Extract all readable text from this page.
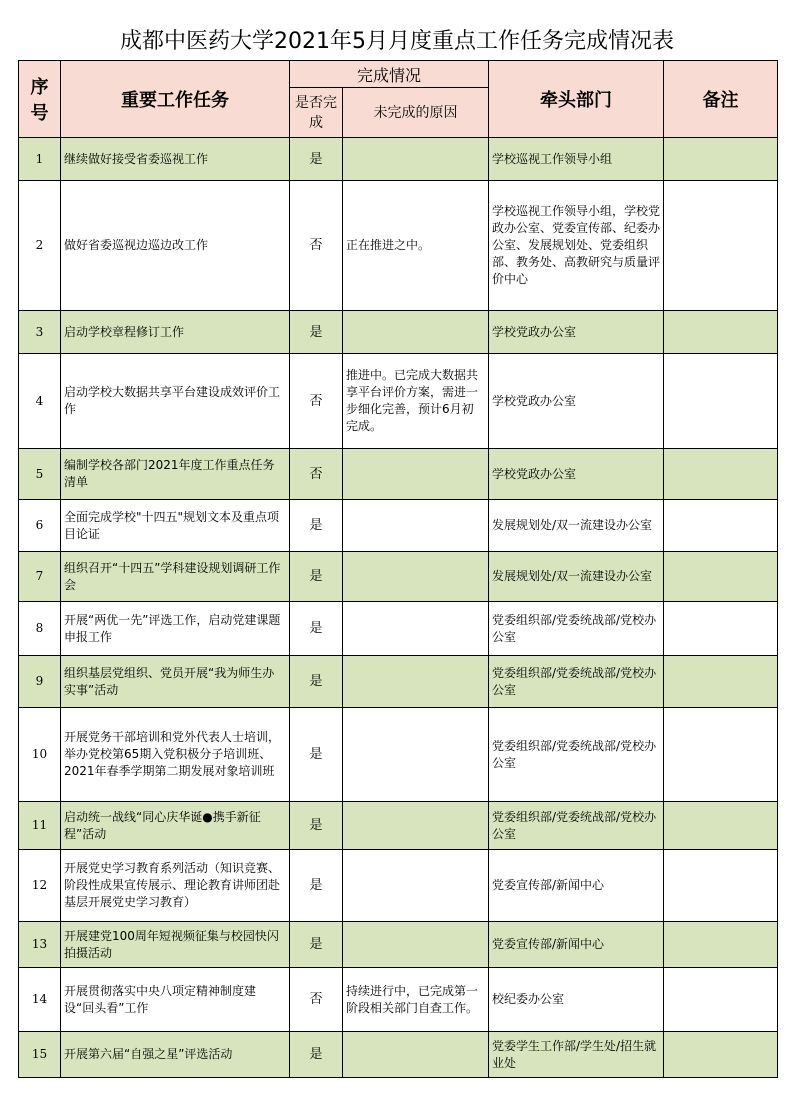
成都中医药大学2021年5月月度重点工作任务完成情况表
序号	重要工作任务	完成情况		牵头部门	备注
		是否完成	未完成的原因		
1	继续做好接受省委巡视工作	是		学校巡视工作领导小组	
2	做好省委巡视边巡边改工作	否	正在推进之中。	学校巡视工作领导小组，学校党政办公室、党委宣传部、纪委办公室、发展规划处、党委组织部、教务处、高教研究与质量评价中心	
3	启动学校章程修订工作	是		学校党政办公室	
4	启动学校大数据共享平台建设成效评价工作	否	推进中。已完成大数据共享平台评价方案，需进一步细化完善，预计6月初完成。	学校党政办公室	
5	编制学校各部门2021年度工作重点任务清单	否		学校党政办公室	
6	全面完成学校"十四五"规划文本及重点项目论证	是		发展规划处/双一流建设办公室	
7	组织召开“十四五”学科建设规划调研工作会	是		发展规划处/双一流建设办公室	
8	开展“两优一先”评选工作，启动党建课题申报工作	是		党委组织部/党委统战部/党校办公室	
9	组织基层党组织、党员开展“我为师生办实事”活动	是		党委组织部/党委统战部/党校办公室	
10	开展党务干部培训和党外代表人士培训，举办党校第65期入党积极分子培训班、2021年春季学期第二期发展对象培训班	是		党委组织部/党委统战部/党校办公室	
11	启动统一战线“同心庆华诞●携手新征程”活动	是		党委组织部/党委统战部/党校办公室	
12	开展党史学习教育系列活动（知识竞赛、阶段性成果宣传展示、理论教育讲师团赴基层开展党史学习教育）	是		党委宣传部/新闻中心	
13	开展建党100周年短视频征集与校园快闪拍摄活动	是		党委宣传部/新闻中心	
14	开展贯彻落实中央八项定精神制度建设“回头看”工作	否	持续进行中，已完成第一阶段相关部门自查工作。	校纪委办公室	
15	开展第六届“自强之星”评选活动	是		党委学生工作部/学生处/招生就业处	
